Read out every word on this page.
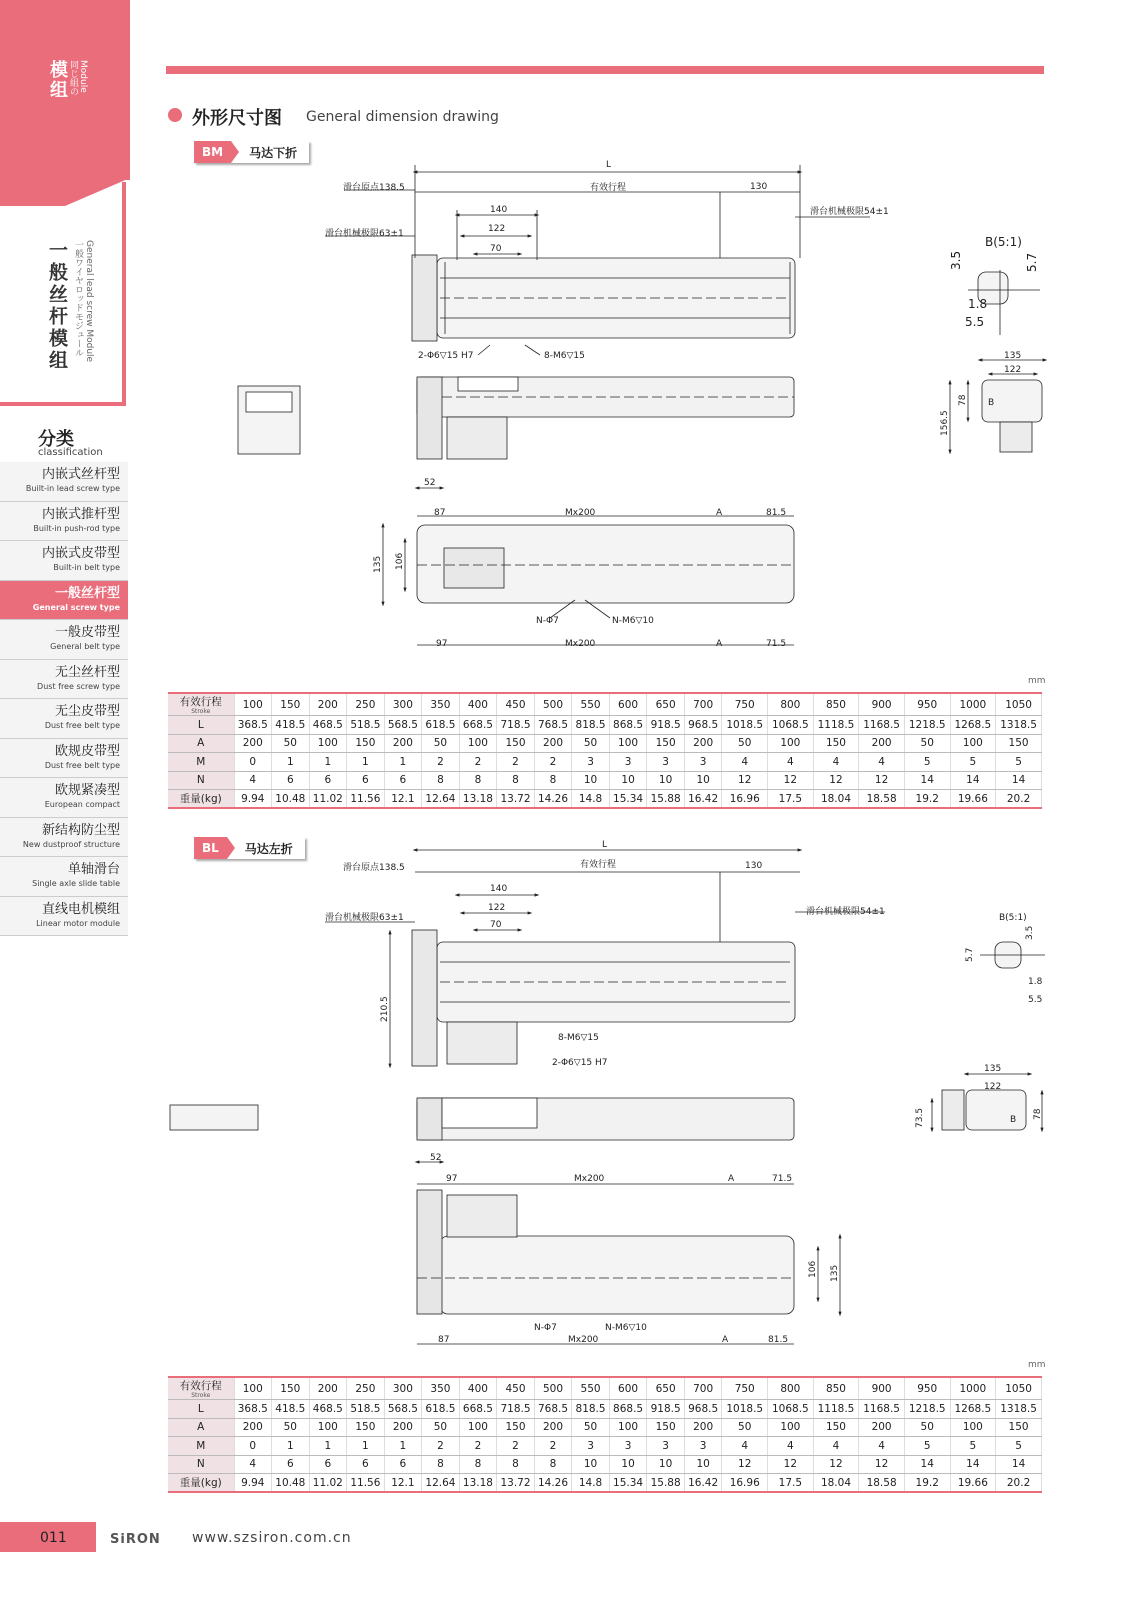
模组	Module
同じ組の
一般丝杆模组	General lead screw Module
一般ワイヤロッドモジュール
分类
classification
内嵌式丝杆型
Built-in lead screw type
内嵌式推杆型
Built-in push-rod type
内嵌式皮带型
Built-in belt type
一般丝杆型
General screw type
一般皮带型
General belt type
无尘丝杆型
Dust free screw type
无尘皮带型
Dust free belt type
欧规皮带型
Dust free belt type
欧规紧凑型
European compact
新结构防尘型
New dustproof structure
单轴滑台
Single axle slide table
直线电机模组
Linear motor module
外形尺寸图 General dimension drawing
BM	马达下折
BL	马达左折
L
滑台原点138.5	有效行程	130
140
122
70
滑台机械极限63±1
滑台机械极限54±1
2-Φ6▽15 H7	8-M6▽15
B(5:1)
5.5
1.8
3.5	5.7
135
122
78
156.5
B
52
87	Mx200	A	81.5
135 106
N-Φ7	N-M6▽10
97	Mx200	A	71.5
L
滑台原点138.5	有效行程	130
140
122
70
滑台机械极限63±1
滑台机械极限54±1
8-M6▽15
2-Φ6▽15 H7
210.5
B(5:1)
3.5
5.7
1.8
5.5
135
122
78
73.5	B
52
97	Mx200	A	71.5
106 135
N-Φ7	N-M6▽10
87	Mx200	A	81.5
mm
有效行程
Stroke	100	150	200	250	300	350	400	450	500	550	600	650	700	750	800	850	900	950	1000	1050
L	368.5	418.5	468.5	518.5	568.5	618.5	668.5	718.5	768.5	818.5	868.5	918.5	968.5	1018.5	1068.5	1118.5	1168.5	1218.5	1268.5	1318.5
A	200	50	100	150	200	50	100	150	200	50	100	150	200	50	100	150	200	50	100	150
M	0	1	1	1	1	2	2	2	2	3	3	3	3	4	4	4	4	5	5	5
N	4	6	6	6	6	8	8	8	8	10	10	10	10	12	12	12	12	14	14	14
重量(kg)	9.94	10.48	11.02	11.56	12.1	12.64	13.18	13.72	14.26	14.8	15.34	15.88	16.42	16.96	17.5	18.04	18.58	19.2	19.66	20.2
mm
有效行程
Stroke	100	150	200	250	300	350	400	450	500	550	600	650	700	750	800	850	900	950	1000	1050
L	368.5	418.5	468.5	518.5	568.5	618.5	668.5	718.5	768.5	818.5	868.5	918.5	968.5	1018.5	1068.5	1118.5	1168.5	1218.5	1268.5	1318.5
A	200	50	100	150	200	50	100	150	200	50	100	150	200	50	100	150	200	50	100	150
M	0	1	1	1	1	2	2	2	2	3	3	3	3	4	4	4	4	5	5	5
N	4	6	6	6	6	8	8	8	8	10	10	10	10	12	12	12	12	14	14	14
重量(kg)	9.94	10.48	11.02	11.56	12.1	12.64	13.18	13.72	14.26	14.8	15.34	15.88	16.42	16.96	17.5	18.04	18.58	19.2	19.66	20.2
011	SiRON www.szsiron.com.cn
